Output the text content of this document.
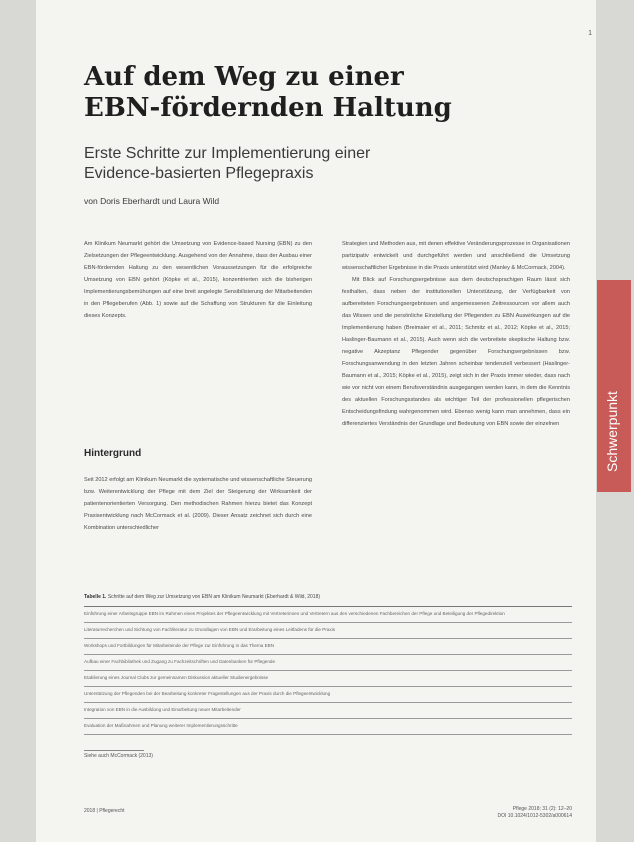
1
Auf dem Weg zu einer EBN-fördernden Haltung
Erste Schritte zur Implementierung einer Evidence-basierten Pflegepraxis
von Doris Eberhardt und Laura Wild

Am Klinikum Neumarkt gehört die Umsetzung von Evidence-based Nursing (EBN) zu den Zielsetzungen der Pflegeentwicklung. Ausgehend von der Annahme, dass der Ausbau einer EBN-fördernden Haltung zu den wesentlichen Voraussetzungen für die erfolgreiche Umsetzung von EBN gehört (Köpke et al., 2015), konzentrierten sich die bisherigen Implementierungsbemühungen auf eine breit angelegte Sensibilisierung der Mitarbeitenden in den Pflegeberufen (Abb. 1) sowie auf die Schaffung von Strukturen für die Einleitung dieses Konzepts.

Strategien und Methoden aus, mit denen effektive Veränderungsprozesse in Organisationen partizipativ entwickelt und durchgeführt werden und anschließend die Umsetzung wissenschaftlicher Ergebnisse in die Praxis unterstützt wird (Manley & McCormack, 2004).

Mit Blick auf Forschungsergebnisse aus dem deutschsprachigen Raum lässt sich festhalten, dass neben der institutionellen Unterstützung, der Verfügbarkeit von aufbereiteten Forschungsergebnissen und angemessenen Zeitressourcen vor allem auch das Wissen und die persönliche Einstellung der Pflegenden zu EBN Auswirkungen auf die Implementierung haben (Breimaier et al., 2011; Schmitz et al., 2012; Köpke et al., 2015; Haslinger-Baumann et al., 2015). Auch wenn sich die verbreitete skeptische Haltung bzw. negative Akzeptanz Pflegender gegenüber Forschungsergebnissen bzw. Forschungsanwendung in den letzten Jahren scheinbar tendenziell verbessert (Haslinger-Baumann et al., 2015; Köpke et al., 2015), zeigt sich in der Praxis immer wieder, dass nach wie vor nicht von einem Berufsverständnis ausgegangen werden kann, in dem die Kenntnis des aktuellen Forschungsstandes als wichtiger Teil der professionellen pflegerischen Entscheidungsfindung wahrgenommen wird. Ebenso wenig kann man annehmen, dass ein differenziertes Verständnis der Grundlage und Bedeutung von EBN sowie der einzelnen

Hintergrund

Seit 2012 erfolgt am Klinikum Neumarkt die systematische und wissenschaftliche Steuerung bzw. Weiterentwicklung der Pflege mit dem Ziel der Steigerung der Wirksamkeit der patientenorientierten Versorgung. Den methodischen Rahmen hierzu bietet das Konzept Praxisentwicklung nach McCormack et al. (2009). Dieser Ansatz zeichnet sich durch eine Kombination unterschiedlicher

Schwerpunkt
Tabelle 1. Schritte auf dem Weg zur Umsetzung von EBN am Klinikum Neumarkt (Eberhardt & Wild, 2018)
Einführung einer Arbeitsgruppe EBN im Rahmen eines Projektes der Pflegeentwicklung mit Vertreterinnen und Vertretern aus den verschiedenen Fachbereichen der Pflege und Beteiligung der Pflegedirektion
Literaturrecherchen und Sichtung von Fachliteratur zu Grundlagen von EBN und Erarbeitung eines Leitfadens für die Praxis
Workshops und Fortbildungen für Mitarbeitende der Pflege zur Einführung in das Thema EBN
Aufbau einer Fachbibliothek und Zugang zu Fachzeitschriften und Datenbanken für Pflegende
Etablierung eines Journal Clubs zur gemeinsamen Diskussion aktueller Studienergebnisse
Unterstützung der Pflegenden bei der Bearbeitung konkreter Fragestellungen aus der Praxis durch die Pflegeentwicklung
Integration von EBN in die Ausbildung und Einarbeitung neuer Mitarbeitender
Evaluation der Maßnahmen und Planung weiterer Implementierungsschritte
Siehe auch McCormack (2013)
2018 | Pflegerecht	Pflege 2018; 31 (2): 12–20
DOI 10.1024/1012-5302/a000614
